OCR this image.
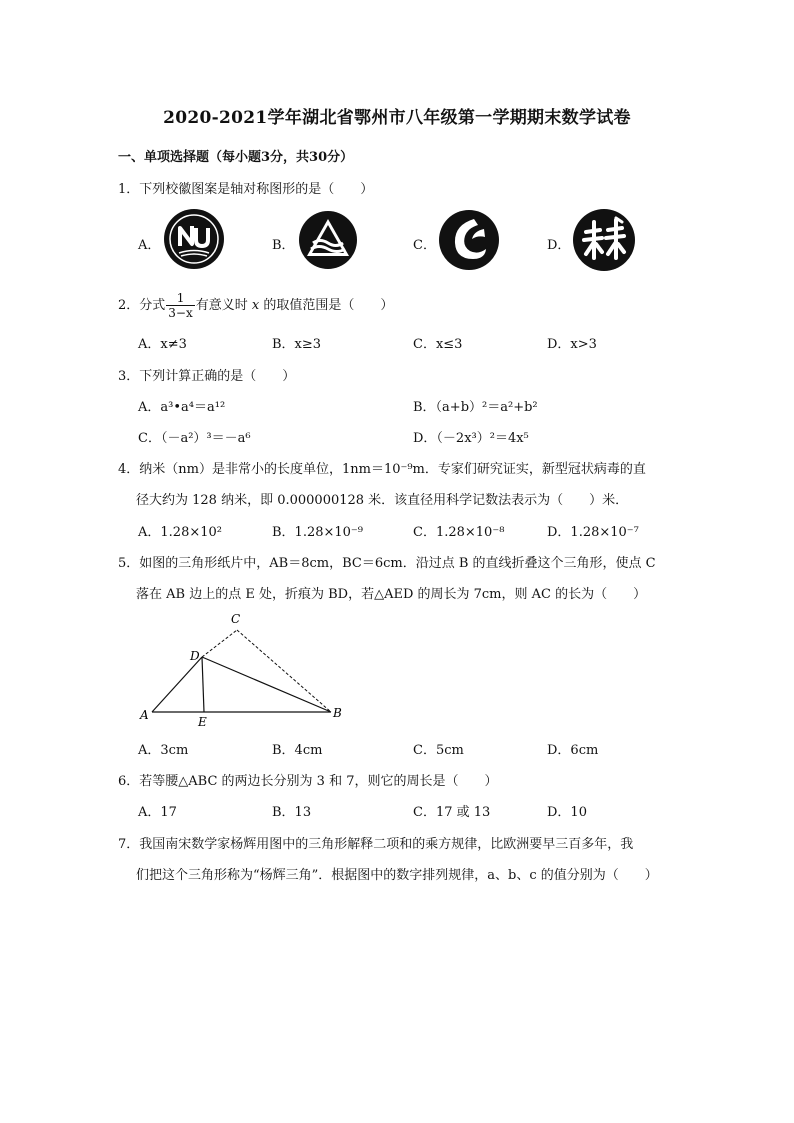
2020-2021学年湖北省鄂州市八年级第一学期期末数学试卷
一、单项选择题（每小题3分，共30分）
1．下列校徽图案是轴对称图形的是（　　）
A．	B．	C．	D．
2．分式 $\frac{1}{3-x}$ 有意义时 x 的取值范围是（　　）
A．x≠3	B．x≥3	C．x≤3	D．x>3
3．下列计算正确的是（　　）
A．a³•a⁴＝a¹²	B．（a+b）²＝a²+b²
C．（－a²）³＝－a⁶	D．（－2x³）²＝4x⁵
4．纳米（nm）是非常小的长度单位，1nm＝10⁻⁹m．专家们研究证实，新型冠状病毒的直
径大约为 128 纳米，即 0.000000128 米．该直径用科学记数法表示为（　　）米．
A．1.28×10²	B．1.28×10⁻⁹	C．1.28×10⁻⁸	D．1.28×10⁻⁷
5．如图的三角形纸片中，AB＝8cm，BC＝6cm．沿过点 B 的直线折叠这个三角形，使点 C
落在 AB 边上的点 E 处，折痕为 BD，若△AED 的周长为 7cm，则 AC 的长为（　　）
C
D
A	E
B
A．3cm	B．4cm	C．5cm	D．6cm
6．若等腰△ABC 的两边长分别为 3 和 7，则它的周长是（　　）
A．17	B．13	C．17 或 13	D．10
7．我国南宋数学家杨辉用图中的三角形解释二项和的乘方规律，比欧洲要早三百多年，我
们把这个三角形称为“杨辉三角”．根据图中的数字排列规律，a、b、c 的值分别为（　　）
